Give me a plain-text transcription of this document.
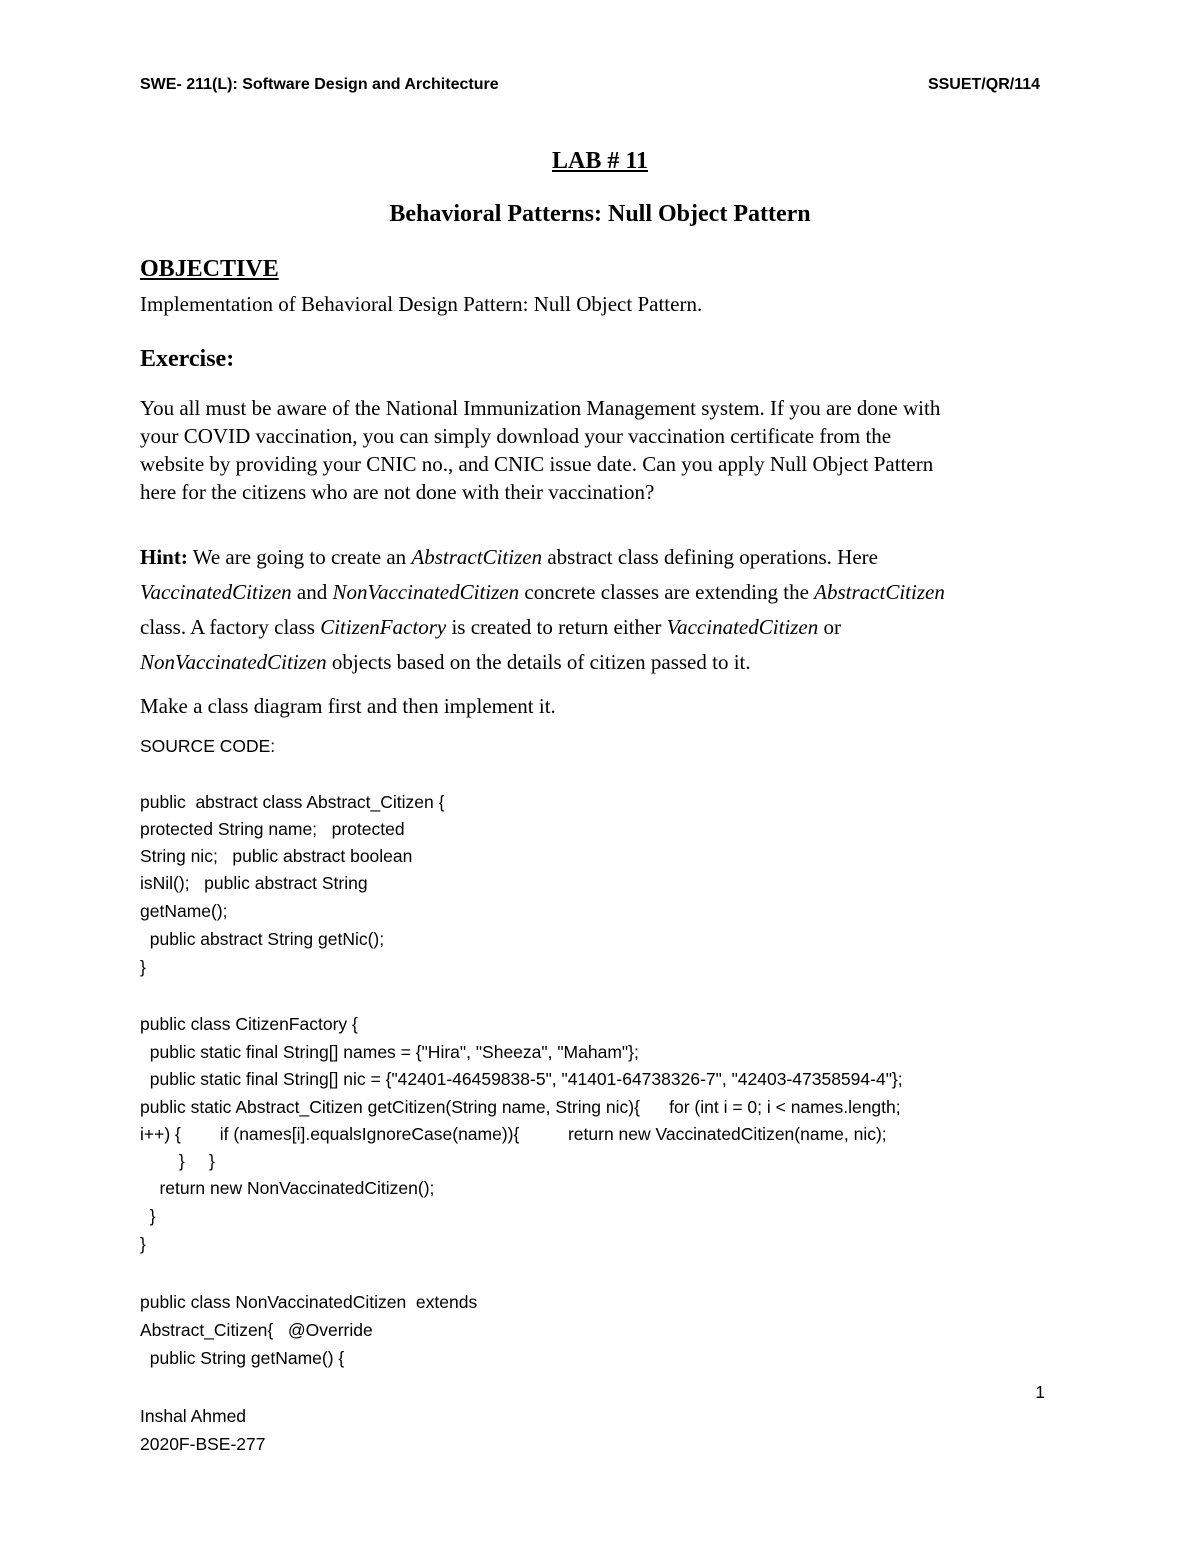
SWE- 211(L): Software Design and Architecture	SSUET/QR/114
LAB # 11
Behavioral Patterns: Null Object Pattern
OBJECTIVE
Implementation of Behavioral Design Pattern: Null Object Pattern.
Exercise:
You all must be aware of the National Immunization Management system. If you are done with
your COVID vaccination, you can simply download your vaccination certificate from the
website by providing your CNIC no., and CNIC issue date. Can you apply Null Object Pattern
here for the citizens who are not done with their vaccination?
Hint: We are going to create an AbstractCitizen abstract class defining operations. Here
VaccinatedCitizen and NonVaccinatedCitizen concrete classes are extending the AbstractCitizen
class. A factory class CitizenFactory is created to return either VaccinatedCitizen or
NonVaccinatedCitizen objects based on the details of citizen passed to it.
Make a class diagram first and then implement it.
SOURCE CODE:
public  abstract class Abstract_Citizen {
protected String name;   protected
String nic;   public abstract boolean
isNil();   public abstract String
getName();
public abstract String getNic();
}
public class CitizenFactory {
public static final String[] names = {"Hira", "Sheeza", "Maham"};
public static final String[] nic = {"42401-46459838-5", "41401-64738326-7", "42403-47358594-4"};
public static Abstract_Citizen getCitizen(String name, String nic){      for (int i = 0; i < names.length;
i++) {        if (names[i].equalsIgnoreCase(name)){          return new VaccinatedCitizen(name, nic);
}     }
return new NonVaccinatedCitizen();
}
}
public class NonVaccinatedCitizen  extends
Abstract_Citizen{   @Override
public String getName() {
1
Inshal Ahmed
2020F-BSE-277
